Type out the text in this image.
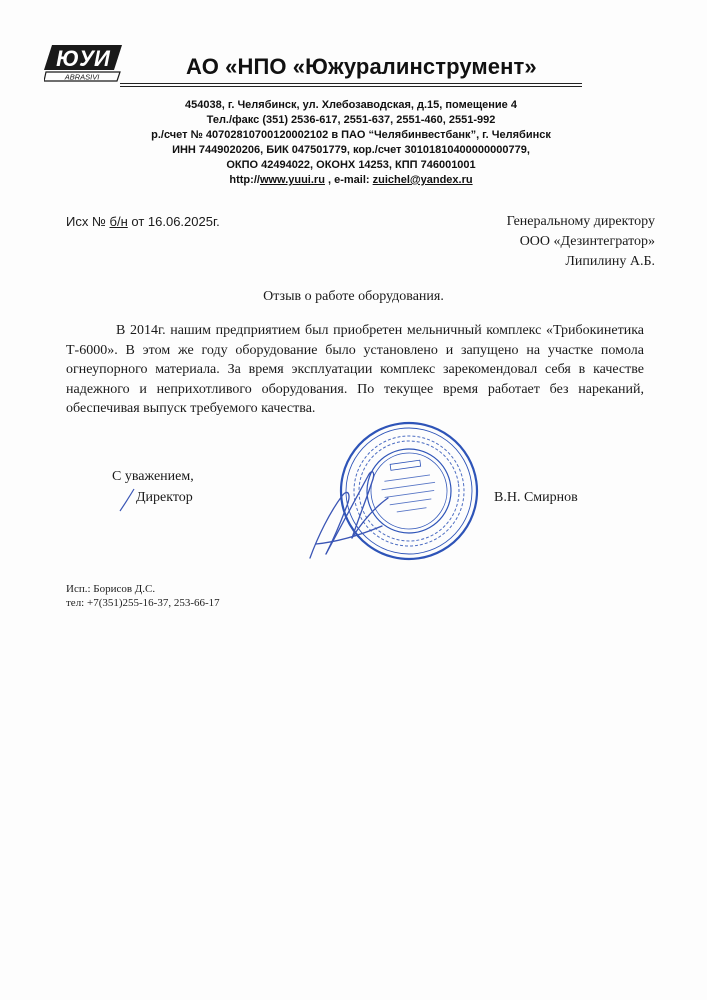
ЮУИ
ABRASIVI	АО «НПО «Южуралинструмент»
454038, г. Челябинск, ул. Хлебозаводская, д.15, помещение 4
Тел./факс (351) 2536-617, 2551-637, 2551-460, 2551-992
р./счет № 40702810700120002102 в ПАО “Челябинвестбанк”, г. Челябинск
ИНН 7449020206, БИК 047501779, кор./счет 30101810400000000779,
ОКПО 42494022, ОКОНХ 14253, КПП 746001001
http://www.yuui.ru , e-mail: zuichel@yandex.ru
Исх № б/н от 16.06.2025г.	Генеральному директору
ООО «Дезинтегратор»
Липилину А.Б.
Отзыв о работе оборудования.
В 2014г. нашим предприятием был приобретен мельничный комплекс «Трибокинетика Т-6000». В этом же году оборудование было установлено и запущено на участке помола огнеупорного материала. За время эксплуатации комплекс зарекомендовал себя в качестве надежного и неприхотливого оборудования. По текущее время работает без нареканий, обеспечивая выпуск требуемого качества.
С уважением,
Директор	В.Н. Смирнов
Исп.: Борисов Д.С.
тел: +7(351)255-16-37, 253-66-17
